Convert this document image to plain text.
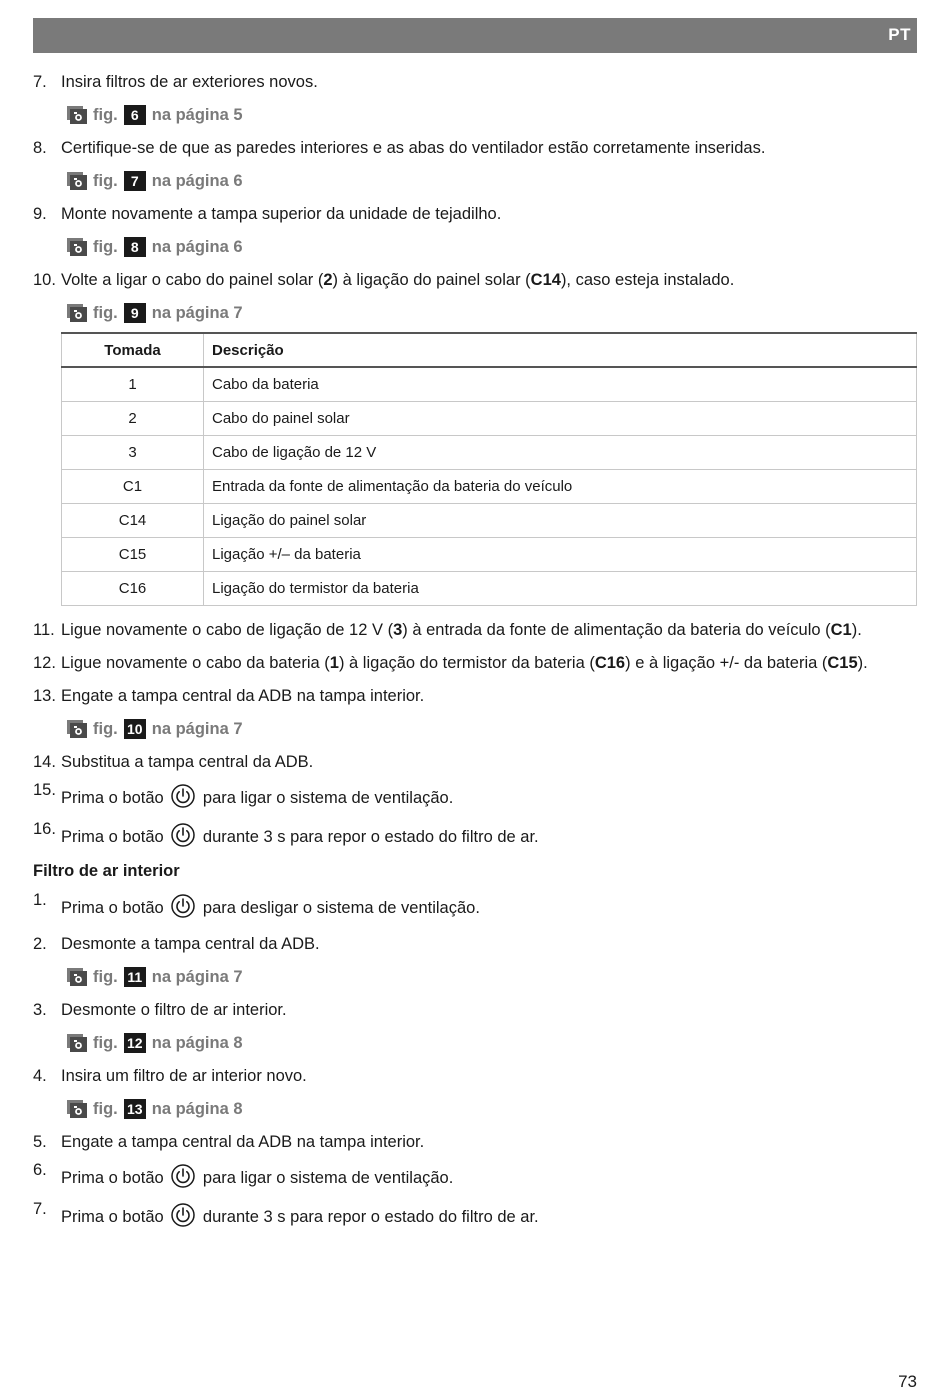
PT
7. Insira filtros de ar exteriores novos.
fig. 6 na página 5
8. Certifique-se de que as paredes interiores e as abas do ventilador estão corretamente inseridas.
fig. 7 na página 6
9. Monte novamente a tampa superior da unidade de tejadilho.
fig. 8 na página 6
10. Volte a ligar o cabo do painel solar (2) à ligação do painel solar (C14), caso esteja instalado.
fig. 9 na página 7
Tomada	Descrição
1	Cabo da bateria
2	Cabo do painel solar
3	Cabo de ligação de 12 V
C1	Entrada da fonte de alimentação da bateria do veículo
C14	Ligação do painel solar
C15	Ligação +/– da bateria
C16	Ligação do termistor da bateria
11. Ligue novamente o cabo de ligação de 12 V (3) à entrada da fonte de alimentação da bateria do veículo (C1).
12. Ligue novamente o cabo da bateria (1) à ligação do termistor da bateria (C16) e à ligação +/- da bateria (C15).
13. Engate a tampa central da ADB na tampa interior.
fig. 10 na página 7
14. Substitua a tampa central da ADB.
15. Prima o botão para ligar o sistema de ventilação.
16. Prima o botão durante 3 s para repor o estado do filtro de ar.
Filtro de ar interior
1. Prima o botão para desligar o sistema de ventilação.
2. Desmonte a tampa central da ADB.
fig. 11 na página 7
3. Desmonte o filtro de ar interior.
fig. 12 na página 8
4. Insira um filtro de ar interior novo.
fig. 13 na página 8
5. Engate a tampa central da ADB na tampa interior.
6. Prima o botão para ligar o sistema de ventilação.
7. Prima o botão durante 3 s para repor o estado do filtro de ar.
73
